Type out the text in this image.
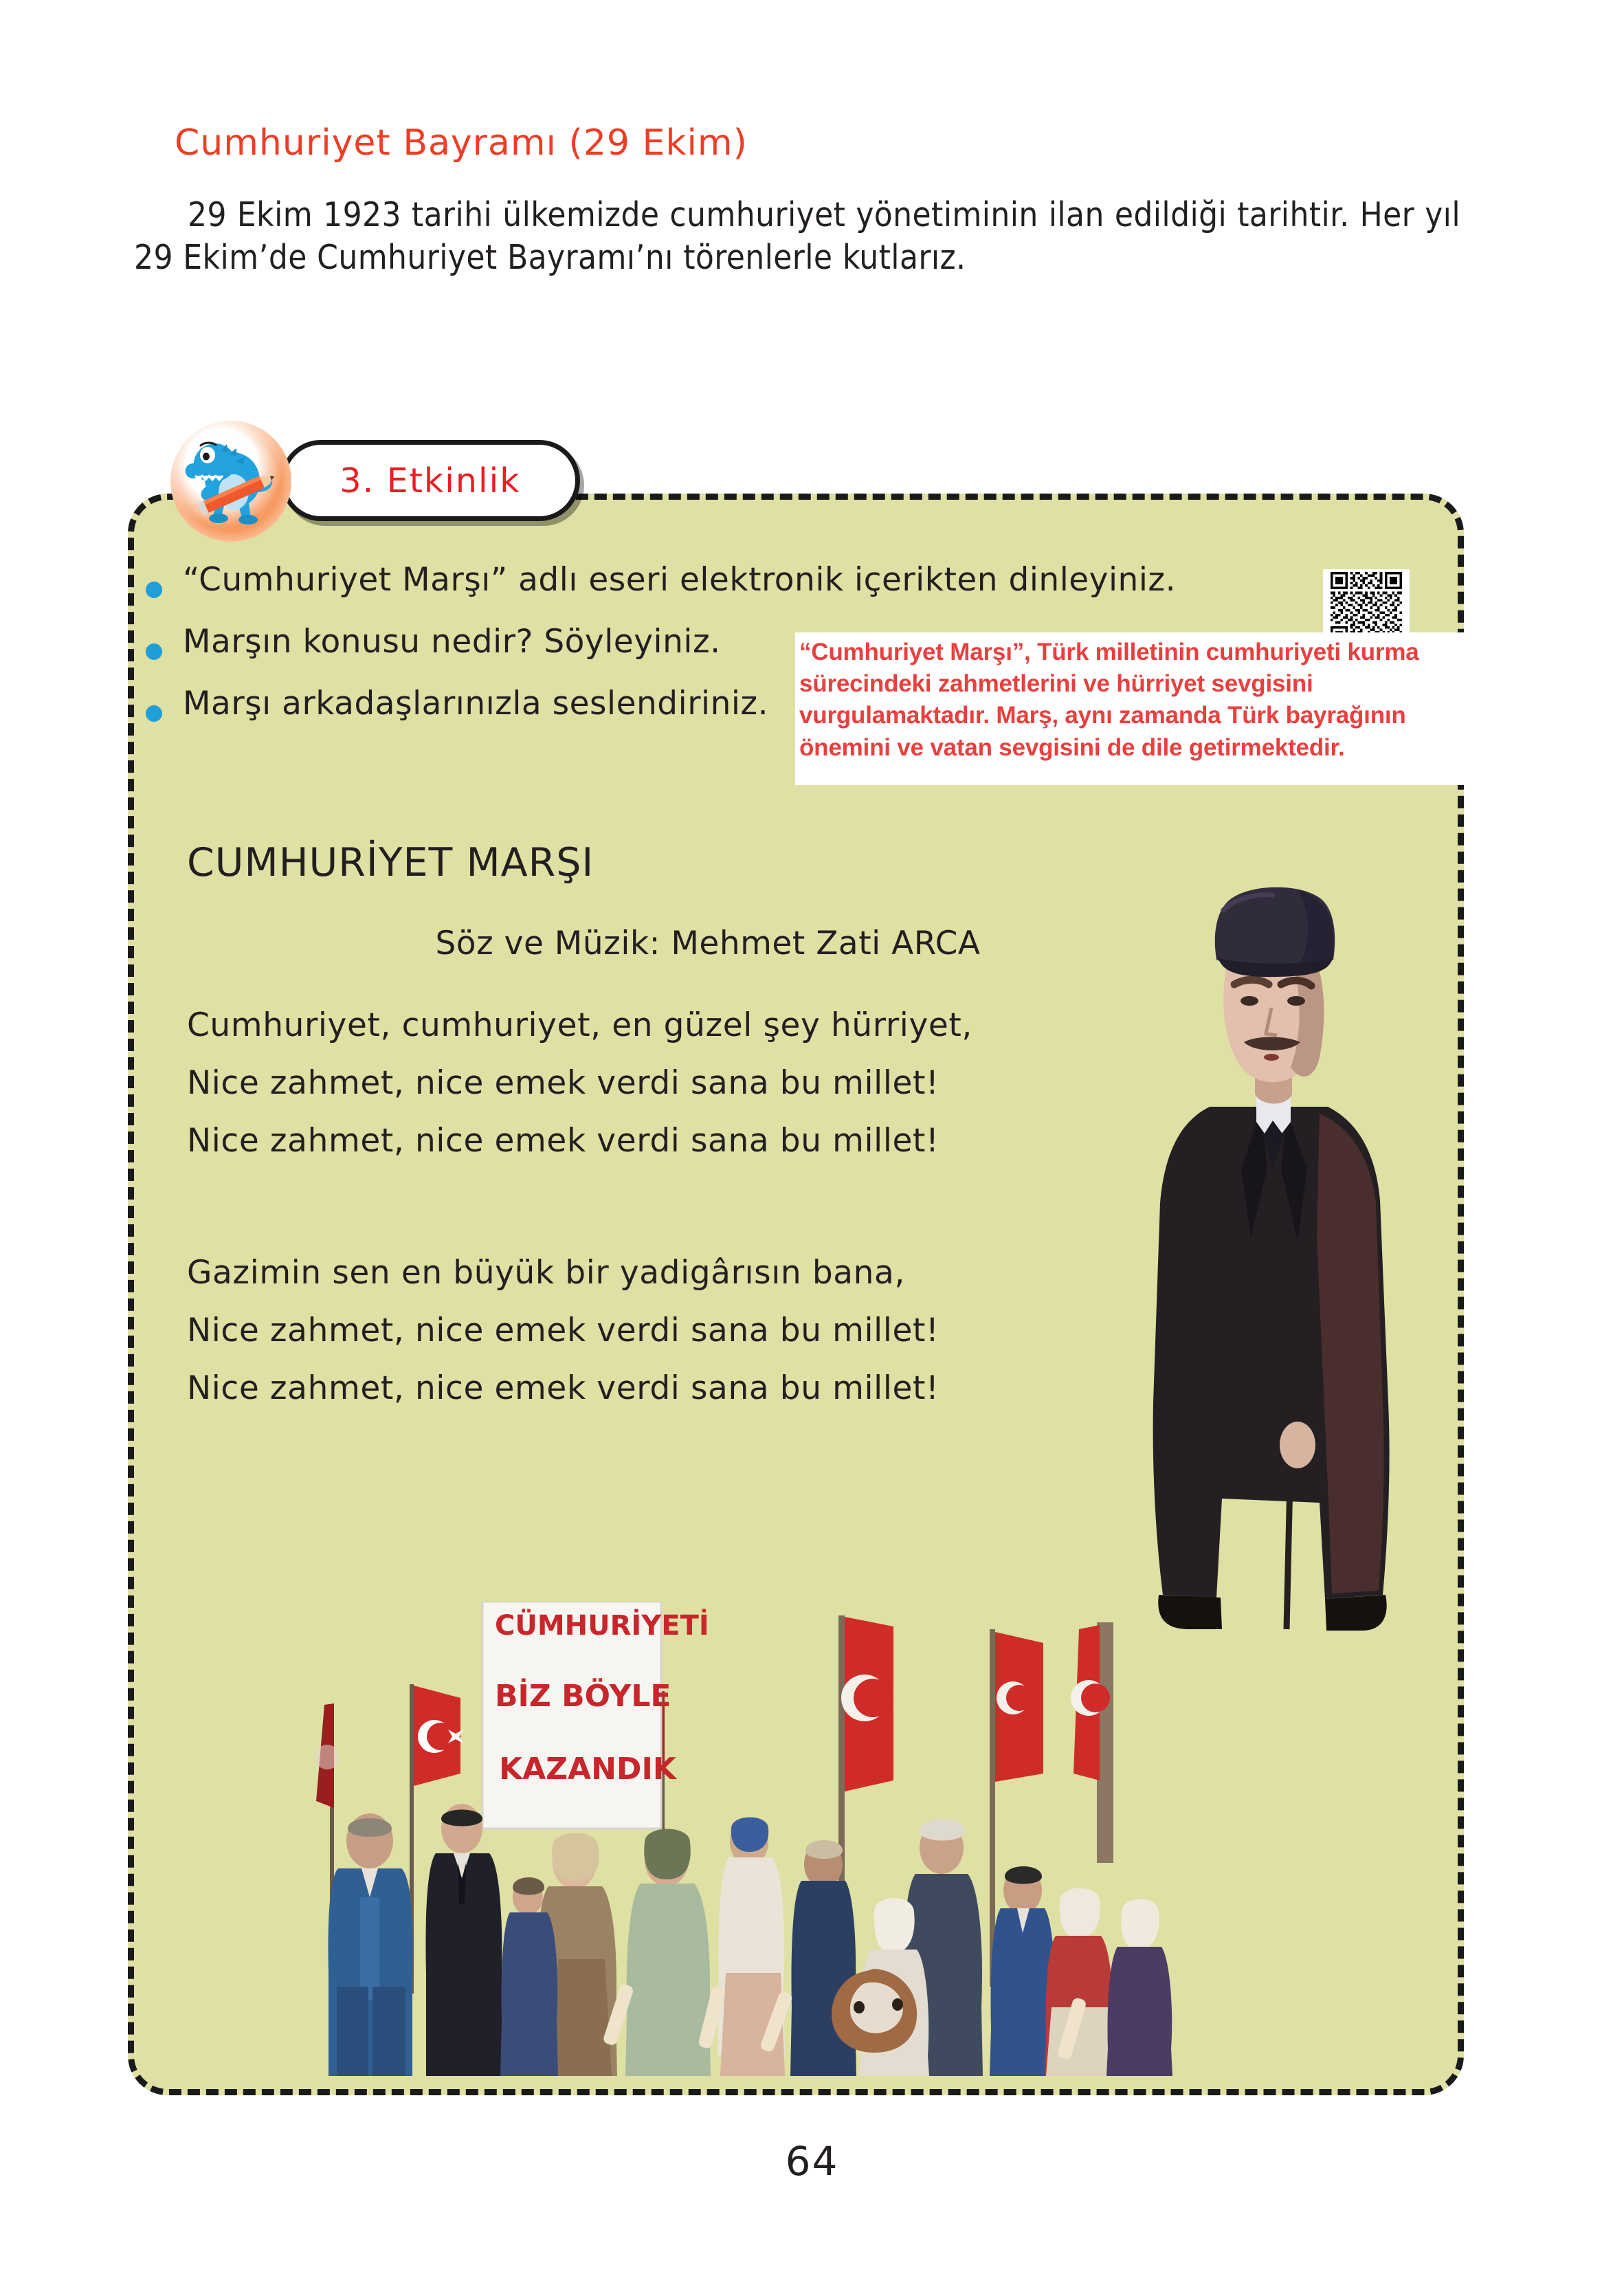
Cumhuriyet Bayramı (29 Ekim)
29 Ekim 1923 tarihi ülkemizde cumhuriyet yönetiminin ilan edildiği tarihtir. Her yıl 29 Ekim’de Cumhuriyet Bayramı’nı törenlerle kutlarız.
3. Etkinlik
“Cumhuriyet Marşı” adlı eseri elektronik içerikten dinleyiniz.
Marşın konusu nedir? Söyleyiniz.
Marşı arkadaşlarınızla seslendiriniz.
“Cumhuriyet Marşı”, Türk milletinin cumhuriyeti kurma sürecindeki zahmetlerini ve hürriyet sevgisini vurgulamaktadır. Marş, aynı zamanda Türk bayrağının önemini ve vatan sevgisini de dile getirmektedir.
CUMHURİYET MARŞI
Söz ve Müzik: Mehmet Zati ARCA
Cumhuriyet, cumhuriyet, en güzel şey hürriyet,
Nice zahmet, nice emek verdi sana bu millet!
Nice zahmet, nice emek verdi sana bu millet!
Gazimin sen en büyük bir yadigârısın bana,
Nice zahmet, nice emek verdi sana bu millet!
Nice zahmet, nice emek verdi sana bu millet!
CÜMHURİYETİ
BİZ BÖYLE
KAZANDIK
64
